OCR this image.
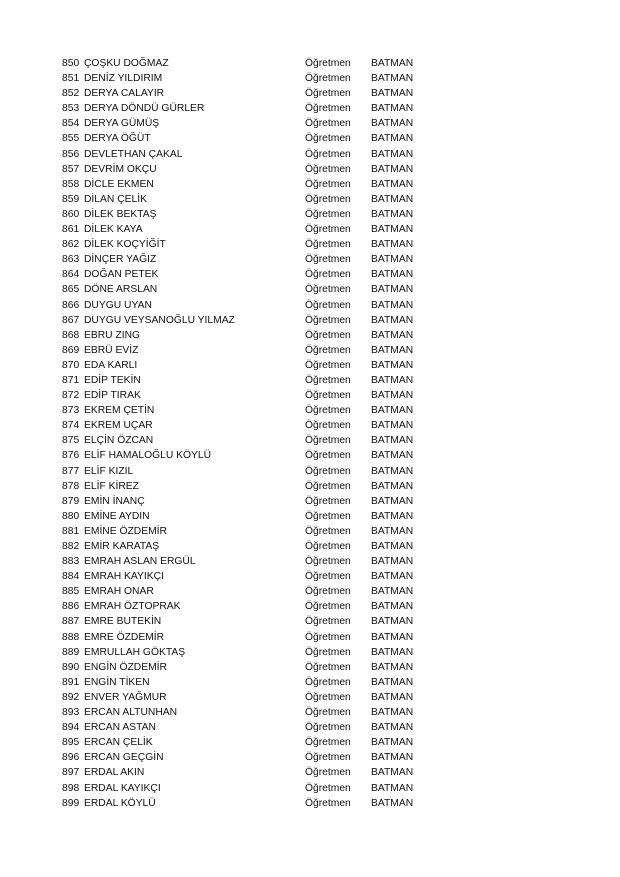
850 ÇOŞKU DOĞMAZ	Öğretmen BATMAN
851 DENİZ YILDIRIM	Öğretmen BATMAN
852 DERYA CALAYIR	Öğretmen BATMAN
853 DERYA DÖNDÜ GÜRLER	Öğretmen BATMAN
854 DERYA GÜMÜŞ	Öğretmen BATMAN
855 DERYA ÖĞÜT	Öğretmen BATMAN
856 DEVLETHAN ÇAKAL	Öğretmen BATMAN
857 DEVRİM OKÇU	Öğretmen BATMAN
858 DİCLE EKMEN	Öğretmen BATMAN
859 DİLAN ÇELİK	Öğretmen BATMAN
860 DİLEK BEKTAŞ	Öğretmen BATMAN
861 DİLEK KAYA	Öğretmen BATMAN
862 DİLEK KOÇYİĞİT	Öğretmen BATMAN
863 DİNÇER YAĞIZ	Öğretmen BATMAN
864 DOĞAN PETEK	Öğretmen BATMAN
865 DÖNE ARSLAN	Öğretmen BATMAN
866 DUYGU UYAN	Öğretmen BATMAN
867 DUYGU VEYSANOĞLU YILMAZ	Öğretmen BATMAN
868 EBRU ZING	Öğretmen BATMAN
869 EBRÜ EVİZ	Öğretmen BATMAN
870 EDA KARLI	Öğretmen BATMAN
871 EDİP TEKİN	Öğretmen BATMAN
872 EDİP TIRAK	Öğretmen BATMAN
873 EKREM ÇETİN	Öğretmen BATMAN
874 EKREM UÇAR	Öğretmen BATMAN
875 ELÇİN ÖZCAN	Öğretmen BATMAN
876 ELİF HAMALOĞLU KÖYLÜ	Öğretmen BATMAN
877 ELİF KIZIL	Öğretmen BATMAN
878 ELİF KİREZ	Öğretmen BATMAN
879 EMİN İNANÇ	Öğretmen BATMAN
880 EMİNE AYDIN	Öğretmen BATMAN
881 EMİNE ÖZDEMİR	Öğretmen BATMAN
882 EMİR KARATAŞ	Öğretmen BATMAN
883 EMRAH ASLAN ERGÜL	Öğretmen BATMAN
884 EMRAH KAYIKÇI	Öğretmen BATMAN
885 EMRAH ONAR	Öğretmen BATMAN
886 EMRAH ÖZTOPRAK	Öğretmen BATMAN
887 EMRE BUTEKİN	Öğretmen BATMAN
888 EMRE ÖZDEMİR	Öğretmen BATMAN
889 EMRULLAH GÖKTAŞ	Öğretmen BATMAN
890 ENGİN ÖZDEMİR	Öğretmen BATMAN
891 ENGİN TİKEN	Öğretmen BATMAN
892 ENVER YAĞMUR	Öğretmen BATMAN
893 ERCAN ALTUNHAN	Öğretmen BATMAN
894 ERCAN ASTAN	Öğretmen BATMAN
895 ERCAN ÇELİK	Öğretmen BATMAN
896 ERCAN GEÇGİN	Öğretmen BATMAN
897 ERDAL AKIN	Öğretmen BATMAN
898 ERDAL KAYIKÇI	Öğretmen BATMAN
899 ERDAL KÖYLÜ	Öğretmen BATMAN
